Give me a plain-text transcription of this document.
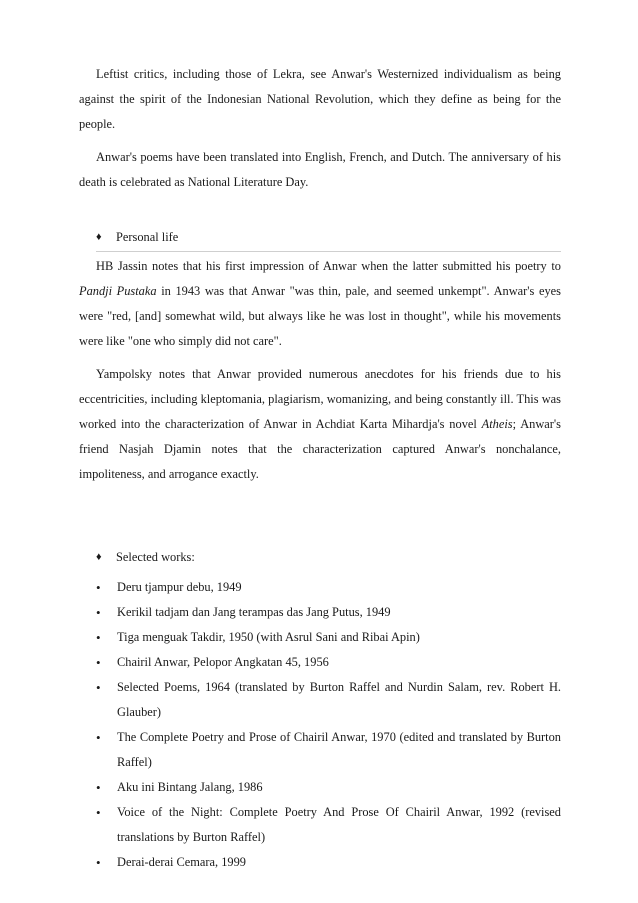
Leftist critics, including those of Lekra, see Anwar's Westernized individualism as being against the spirit of the Indonesian National Revolution, which they define as being for the people.

Anwar's poems have been translated into English, French, and Dutch. The anniversary of his death is celebrated as National Literature Day.

♦	Personal life

HB Jassin notes that his first impression of Anwar when the latter submitted his poetry to Pandji Pustaka in 1943 was that Anwar "was thin, pale, and seemed unkempt". Anwar's eyes were "red, [and] somewhat wild, but always like he was lost in thought", while his movements were like "one who simply did not care".

Yampolsky notes that Anwar provided numerous anecdotes for his friends due to his eccentricities, including kleptomania, plagiarism, womanizing, and being constantly ill. This was worked into the characterization of Anwar in Achdiat Karta Mihardja's novel Atheis; Anwar's friend Nasjah Djamin notes that the characterization captured Anwar's nonchalance, impoliteness, and arrogance exactly.

♦	Selected works:
• Deru tjampur debu, 1949
• Kerikil tadjam dan Jang terampas das Jang Putus, 1949
• Tiga menguak Takdir, 1950 (with Asrul Sani and Ribai Apin)
• Chairil Anwar, Pelopor Angkatan 45, 1956
• Selected Poems, 1964 (translated by Burton Raffel and Nurdin Salam, rev. Robert H. Glauber)
• The Complete Poetry and Prose of Chairil Anwar, 1970 (edited and translated by Burton Raffel)
• Aku ini Bintang Jalang, 1986
• Voice of the Night: Complete Poetry And Prose Of Chairil Anwar, 1992 (revised translations by Burton Raffel)
• Derai-derai Cemara, 1999
